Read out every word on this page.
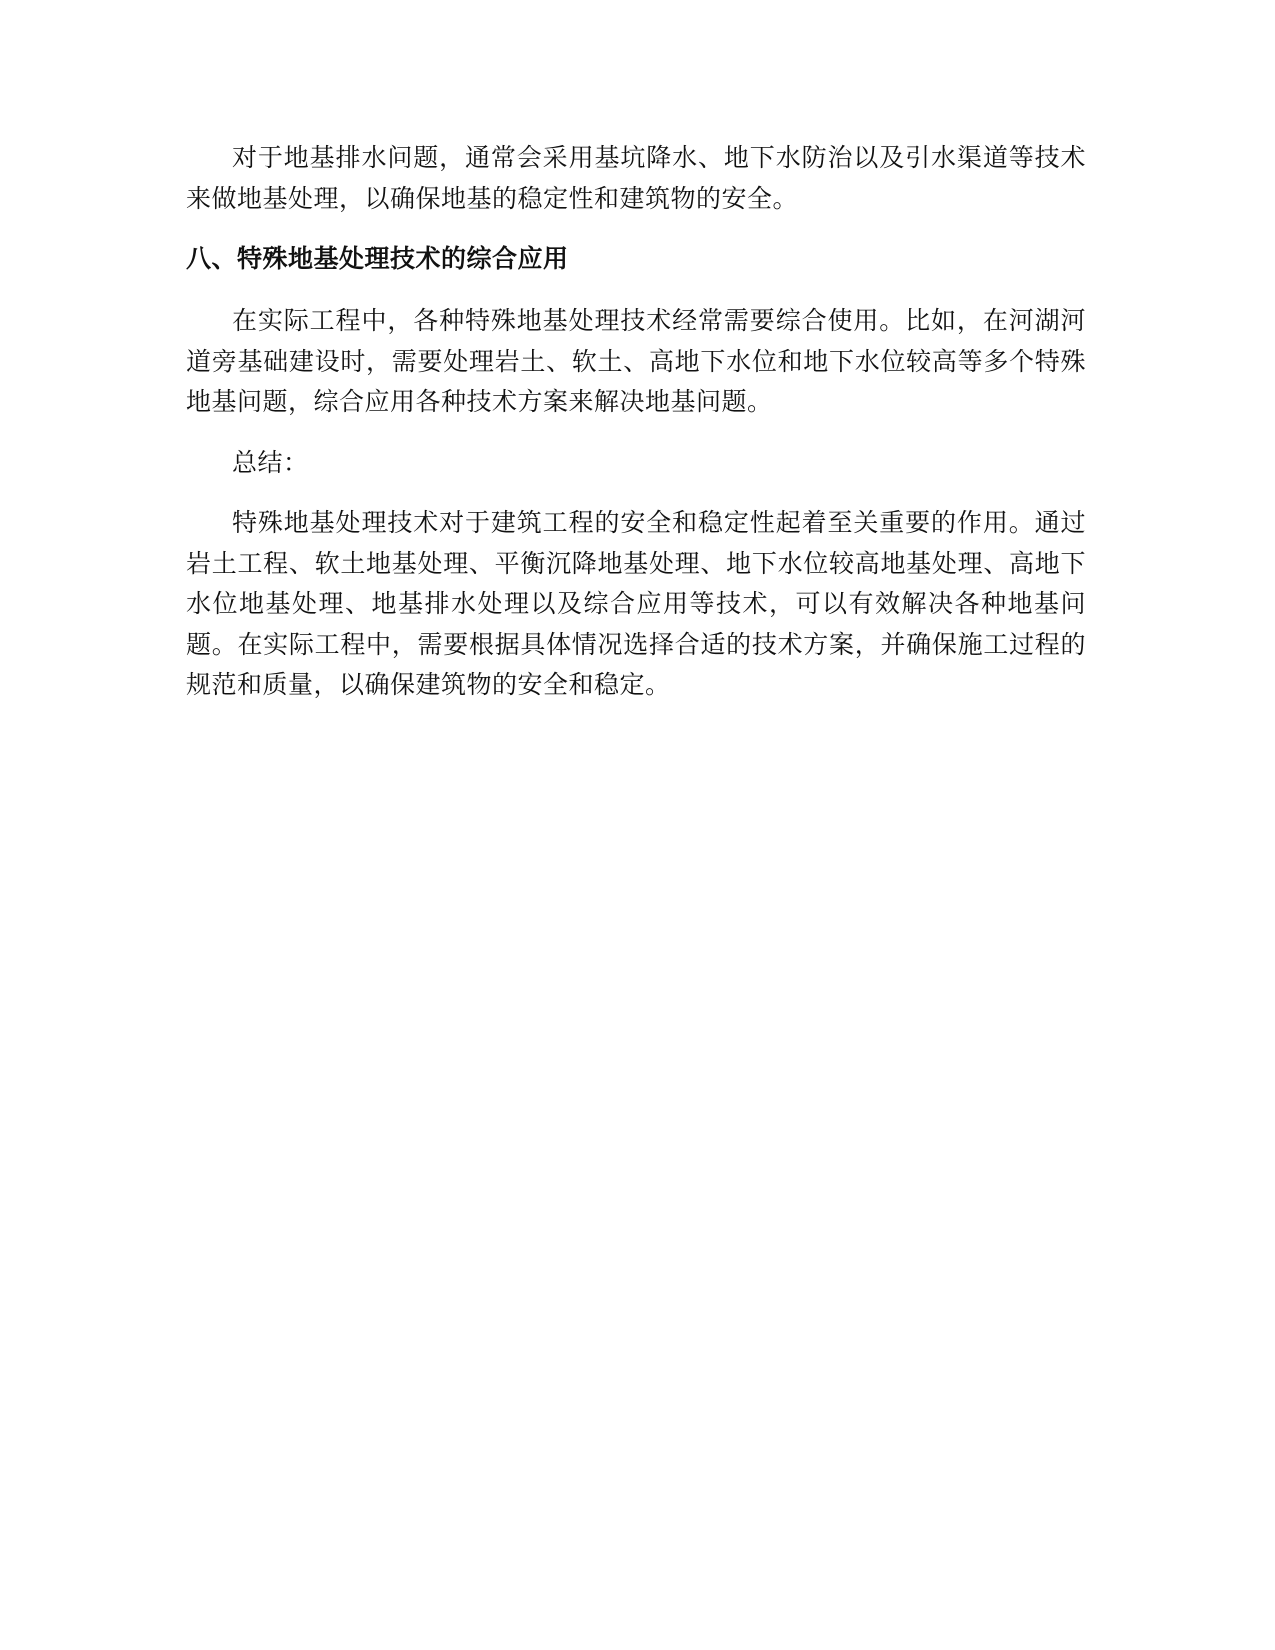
对于地基排水问题，通常会采用基坑降水、地下水防治以及引水渠道等技术来做地基处理，以确保地基的稳定性和建筑物的安全。

八、特殊地基处理技术的综合应用

在实际工程中，各种特殊地基处理技术经常需要综合使用。比如，在河湖河道旁基础建设时，需要处理岩土、软土、高地下水位和地下水位较高等多个特殊地基问题，综合应用各种技术方案来解决地基问题。

总结：

特殊地基处理技术对于建筑工程的安全和稳定性起着至关重要的作用。通过岩土工程、软土地基处理、平衡沉降地基处理、地下水位较高地基处理、高地下水位地基处理、地基排水处理以及综合应用等技术，可以有效解决各种地基问题。在实际工程中，需要根据具体情况选择合适的技术方案，并确保施工过程的规范和质量，以确保建筑物的安全和稳定。
